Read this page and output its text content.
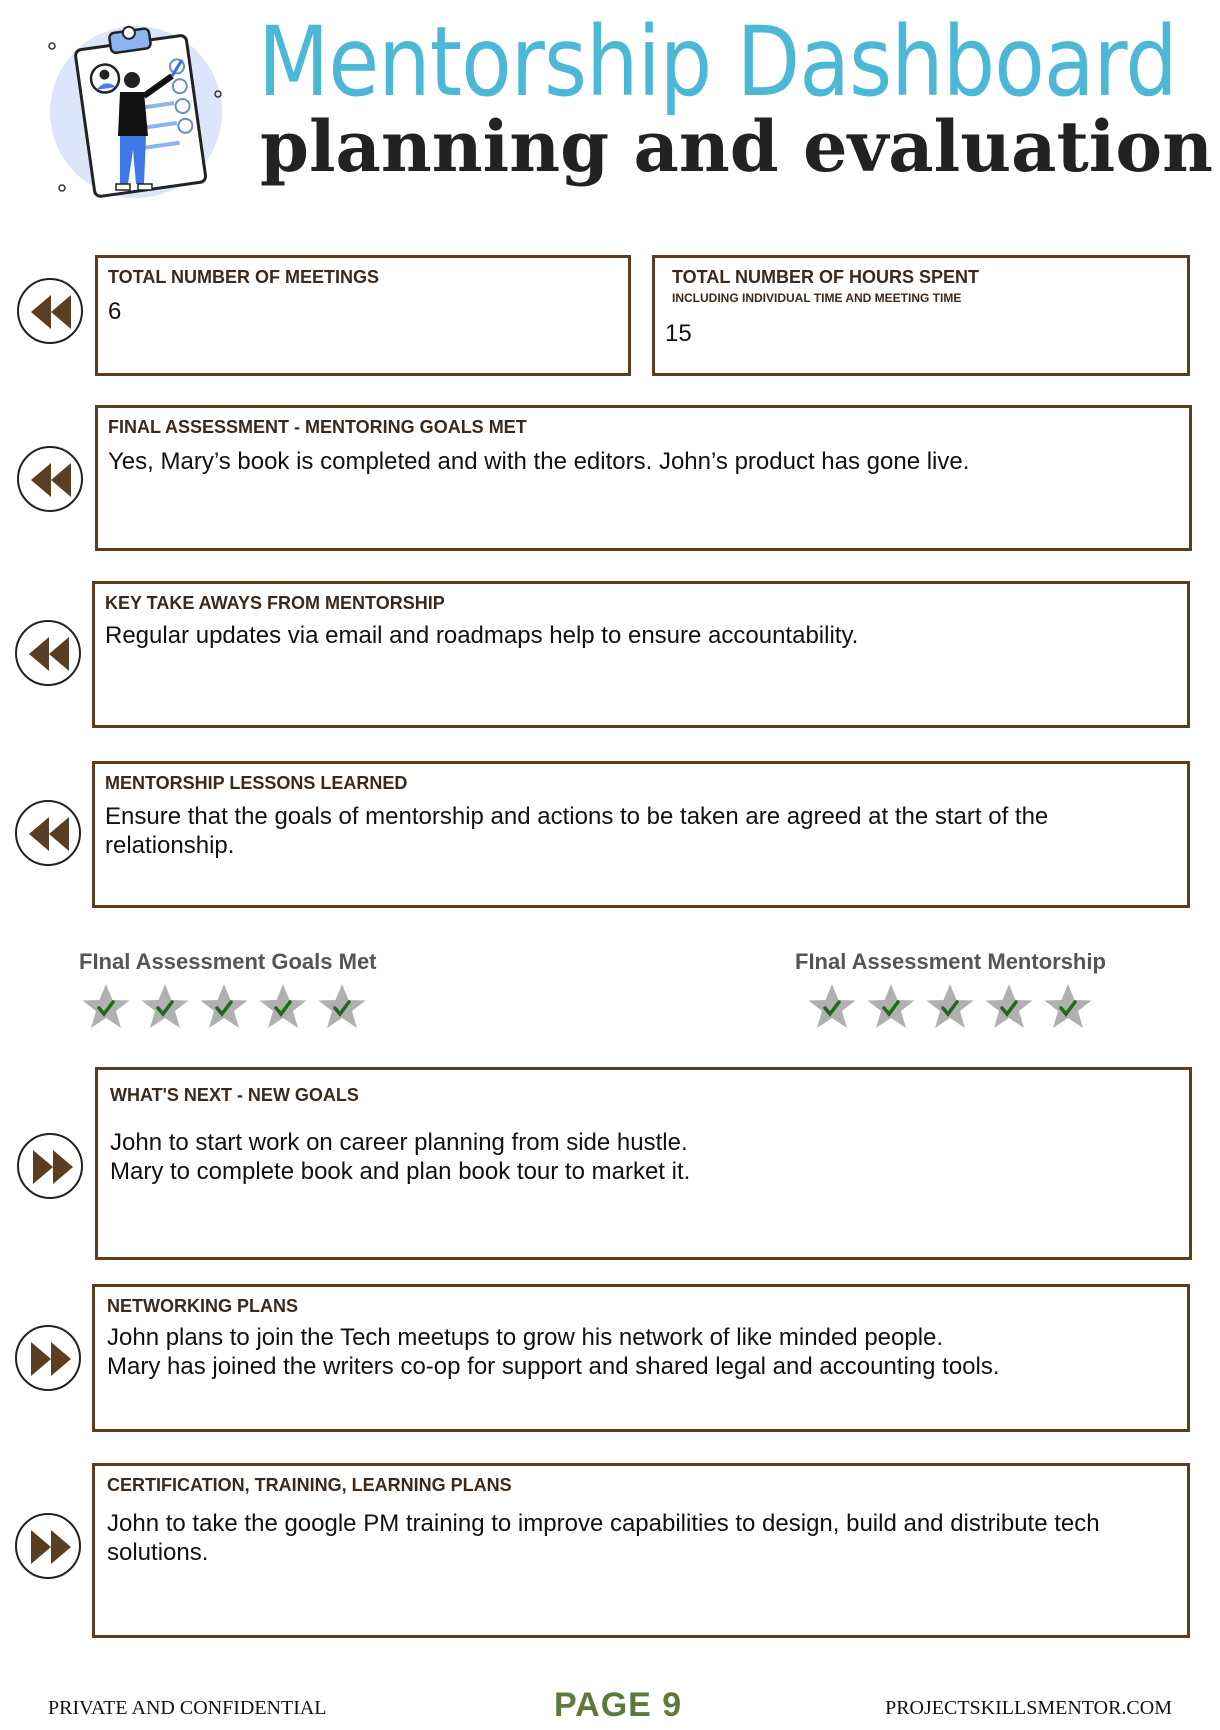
Mentorship Dashboard
planning and evaluation
TOTAL NUMBER OF MEETINGS
6
TOTAL NUMBER OF HOURS SPENT
INCLUDING INDIVIDUAL TIME AND MEETING TIME
15
FINAL ASSESSMENT - MENTORING GOALS MET
Yes, Mary’s book is completed and with the editors. John’s product has gone live.
KEY TAKE AWAYS FROM MENTORSHIP
Regular updates via email and roadmaps help to ensure accountability.
MENTORSHIP LESSONS LEARNED
Ensure that the goals of mentorship and actions to be taken are agreed at the start of the
relationship.
FInal Assessment Goals Met	FInal Assessment Mentorship
WHAT'S NEXT - NEW GOALS
John to start work on career planning from side hustle.
Mary to complete book and plan book tour to market it.
NETWORKING PLANS
John plans to join the Tech meetups to grow his network of like minded people.
Mary has joined the writers co-op for support and shared legal and accounting tools.
CERTIFICATION, TRAINING, LEARNING PLANS
John to take the google PM training to improve capabilities to design, build and distribute tech
solutions.
PRIVATE AND CONFIDENTIAL	PAGE 9	PROJECTSKILLSMENTOR.COM
